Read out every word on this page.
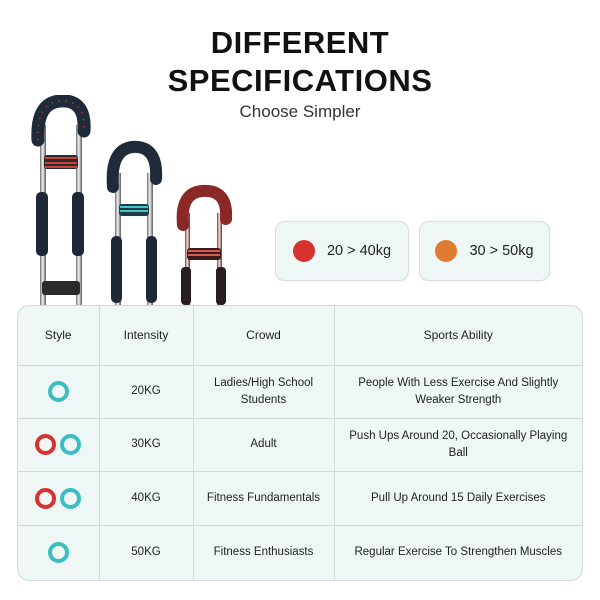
DIFFERENT
SPECIFICATIONS
Choose Simpler
20 > 40kg	30 > 50kg
Style	Intensity	Crowd	Sports Ability

	20KG	Ladies/High School Students	People With Less Exercise And Slightly Weaker Strength

	30KG	Adult	Push Ups Around 20, Occasionally Playing Ball

	40KG	Fitness Fundamentals	Pull Up Around 15 Daily Exercises

	50KG	Fitness Enthusiasts	Regular Exercise To Strengthen Muscles
